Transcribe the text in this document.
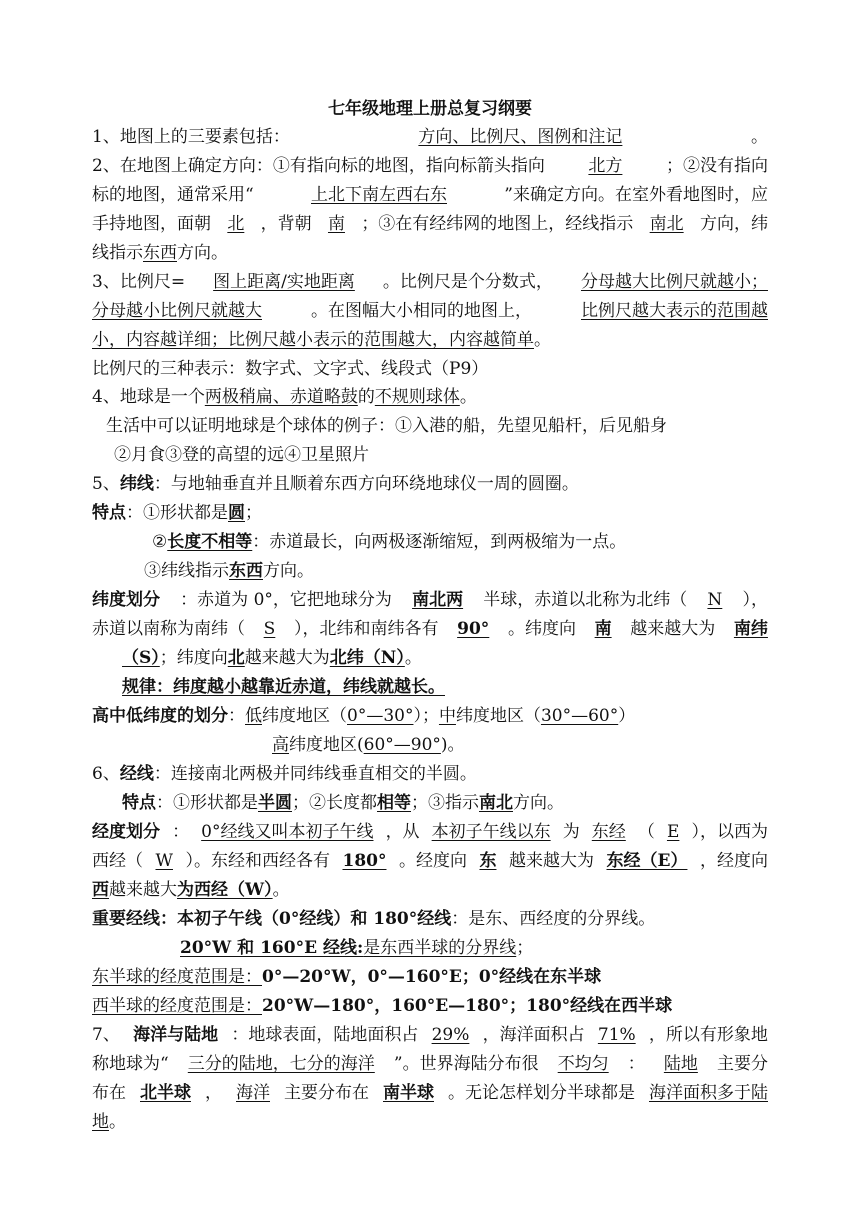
七年级地理上册总复习纲要
1、地图上的三要素包括：	方向、比例尺、图例和注记	。
2、在地图上确定方向：①有指向标的地图，指向标箭头指向	北方	；②没有指向
标的地图，通常采用“	上北下南左西右东	”来确定方向。在室外看地图时，应
手持地图，面朝 北 ，背朝 南 ；③在有经纬网的地图上，经线指示 南北 方向，纬
线指示东西方向。
3、比例尺= 图上距离/实地距离 。比例尺是个分数式， 分母越大比例尺就越小；
分母越小比例尺就越大	。在图幅大小相同的地图上，	比例尺越大表示的范围越
小，内容越详细；比例尺越小表示的范围越大，内容越简单。
比例尺的三种表示：数字式、文字式、线段式（P9）
4、地球是一个两极稍扁、赤道略鼓的不规则球体。
生活中可以证明地球是个球体的例子：①入港的船，先望见船杆，后见船身
②月食③登的高望的远④卫星照片
5、纬线：与地轴垂直并且顺着东西方向环绕地球仪一周的圆圈。
特点：①形状都是圆；
②长度不相等：赤道最长，向两极逐渐缩短，到两极缩为一点。
③纬线指示东西方向。
纬度划分 ：赤道为 0°，它把地球分为 南北两 半球，赤道以北称为北纬（ N ），
赤道以南称为南纬（ S ），北纬和南纬各有 90° 。纬度向 南 越来越大为 南纬
（S）；纬度向北越来越大为北纬（N）。
规律：纬度越小越靠近赤道，纬线就越长。
高中低纬度的划分：低纬度地区（0°—30°）；中纬度地区（30°—60°）
高纬度地区(60°—90°)。
6、经线：连接南北两极并同纬线垂直相交的半圆。
特点：①形状都是半圆；②长度都相等；③指示南北方向。
经度划分 ： 0°经线又叫本初子午线 ，从 本初子午线以东 为 东经 （ E ），以西为
西经（ W ）。东经和西经各有 180° 。经度向 东 越来越大为 东经（E） ，经度向
西越来越大为西经（W）。
重要经线：本初子午线（0°经线）和 180°经线：是东、西经度的分界线。
20°W 和 160°E 经线:是东西半球的分界线；
东半球的经度范围是：0°—20°W，0°—160°E；0°经线在东半球
西半球的经度范围是：20°W—180°，160°E—180°；180°经线在西半球
7、 海洋与陆地 ：地球表面，陆地面积占 29% ，海洋面积占 71% ，所以有形象地
称地球为“ 三分的陆地，七分的海洋 ”。世界海陆分布很 不均匀 ： 陆地 主要分
布在 北半球 ， 海洋 主要分布在 南半球 。无论怎样划分半球都是 海洋面积多于陆
地。
